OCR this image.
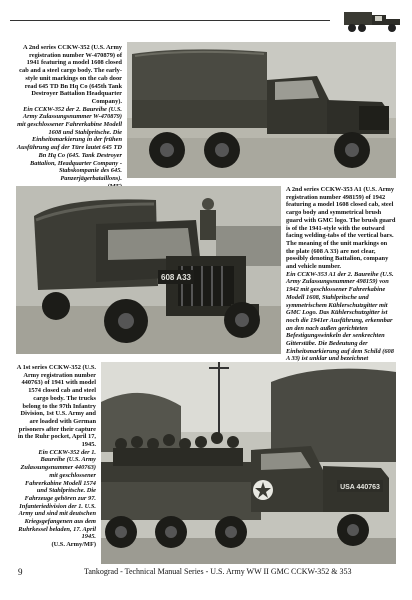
A 2nd series CCKW-352 (U.S. Army registration number W-470879) of 1941 featuring a model 1608 closed cab and a steel cargo body. The early-style unit markings on the cab door read 645 TD Bn Hq Co (645th Tank Destroyer Battalion Headquarter Company).
Ein CCKW-352 der 2. Baureihe (U.S. Army Zulassungsnummer W-470879) mit geschlossener Fahrerkabine Modell 1608 und Stahlpritsche. Die Einheitsmarkierung in der frühen Ausführung auf der Türe lautet 645 TD Bn Hq Co (645. Tank Destroyer Battalion, Headquarter Company - Stabskompanie des 645. Panzerjägerbataillons).
608 A33
A 2nd series CCKW-353 A1 (U.S. Army registration number 498159) of 1942 featuring a model 1608 closed cab, steel cargo body and symmetrical brush guard with GMC logo. The brush guard is of the 1941-style with the outward facing welding-tabs of the vertical bars. The meaning of the unit markings on the plate (608 A 33) are not clear, possibly denoting Battalion, company and vehicle number.
Ein CCKW-353 A1 der 2. Baureihe (U.S. Army Zulassungsnummer 498159) von 1942 mit geschlossener Fahrerkabine Modell 1608, Stahlpritsche und symmetrischem Kühlerschutzgitter mit GMC Logo. Das Kühlerschutzgitter ist noch die 1941er Ausführung, erkennbar an den nach außen gerichteten Befestigungswinkeln der senkrechten Gitterstäbe. Die Bedeutung der Einheitsmarkierung auf dem Schild (608 A 33) ist unklar und bezeichnet
A 1st series CCKW-352 (U.S. Army registration number 440763) of 1941 with model 1574 closed cab and steel cargo body. The trucks belong to the 97th Infantry Division, 1st U.S. Army and are loaded with German prisoners after their capture in the Ruhr pocket, April 17, 1945.
Ein CCKW-352 der 1. Baureihe (U.S. Army Zulassungsnummer 440763) mit geschlossener Fahrerkabine Modell 1574 und Stahlpritsche. Die Fahrzeuge gehören zur 97. Infanteriedivision der 1. U.S. Army und sind mit deutschen Kriegsgefangenen aus dem Ruhrkessel beladen, 17. April 1945.
(U.S. Army/MF)
USA 440763
9	Tankograd - Technical Manual Series - U.S. Army WW II GMC CCKW-352 & 353
